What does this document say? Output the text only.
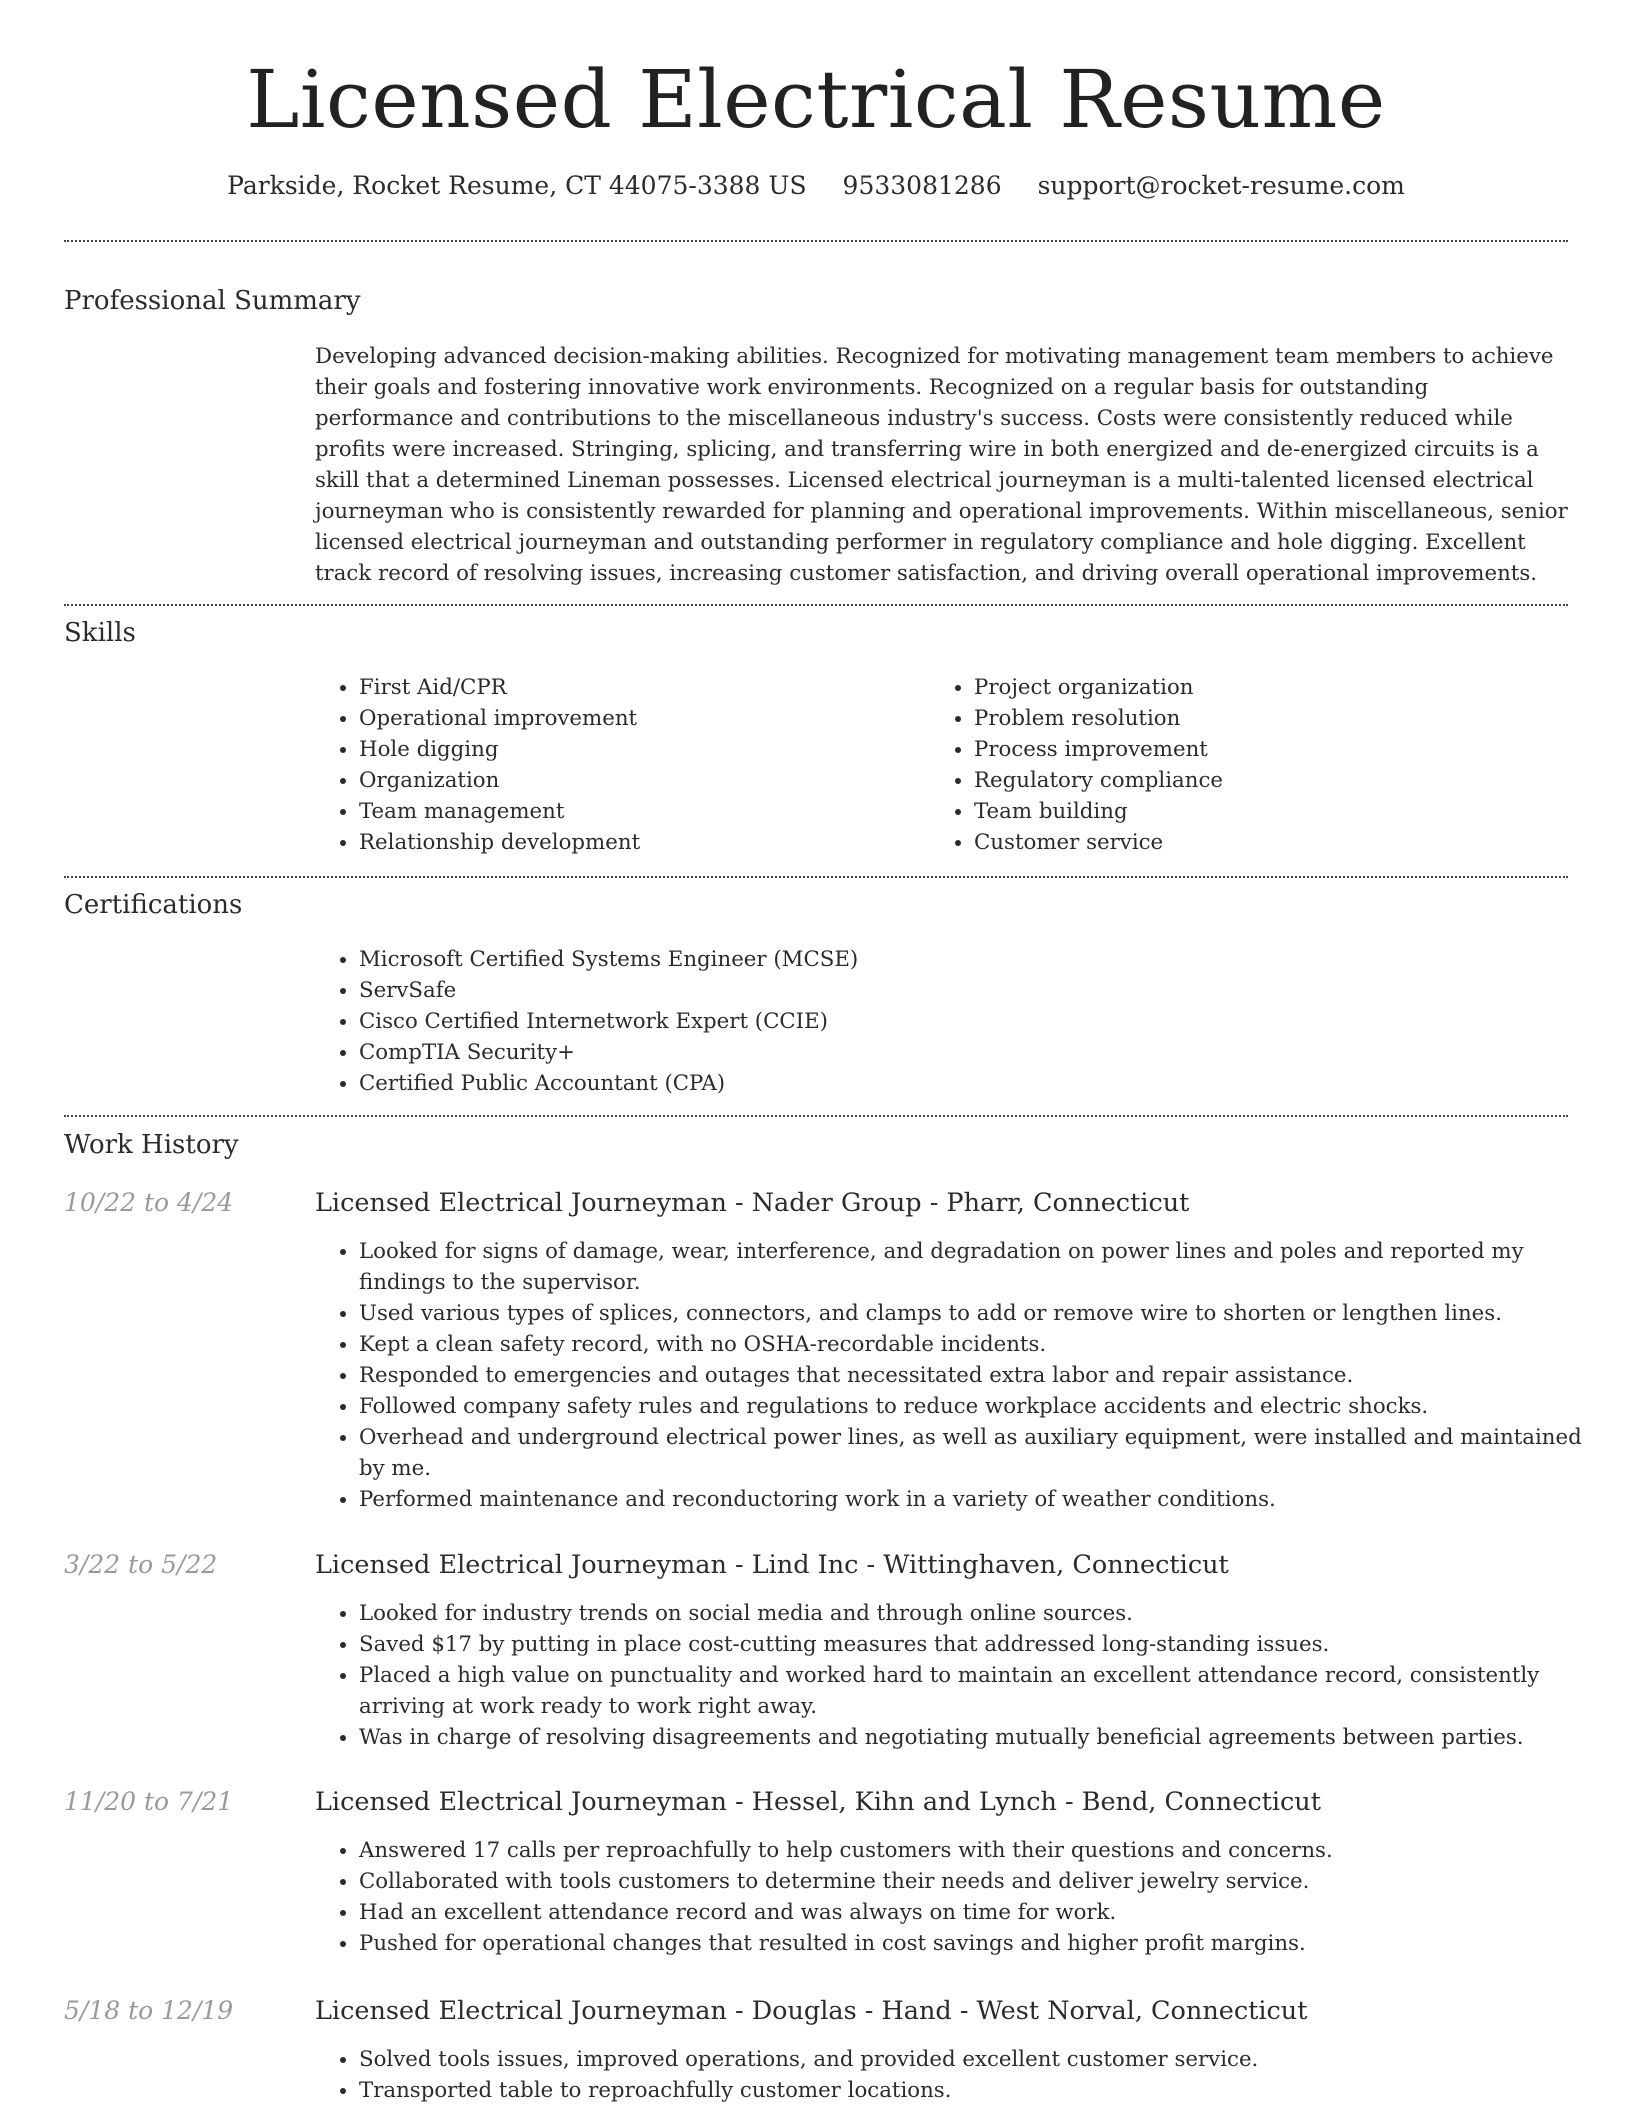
Licensed Electrical Resume
Parkside, Rocket Resume, CT 44075-3388 US 9533081286 support@rocket-resume.com
Professional Summary

Developing advanced decision-making abilities. Recognized for motivating management team members to achieve their goals and fostering innovative work environments. Recognized on a regular basis for outstanding performance and contributions to the miscellaneous industry's success. Costs were consistently reduced while profits were increased. Stringing, splicing, and transferring wire in both energized and de-energized circuits is a skill that a determined Lineman possesses. Licensed electrical journeyman is a multi-talented licensed electrical journeyman who is consistently rewarded for planning and operational improvements. Within miscellaneous, senior licensed electrical journeyman and outstanding performer in regulatory compliance and hole digging. Excellent track record of resolving issues, increasing customer satisfaction, and driving overall operational improvements.

Skills
• First Aid/CPR
• Operational improvement
• Hole digging
• Organization
• Team management
• Relationship development
• Project organization
• Problem resolution
• Process improvement
• Regulatory compliance
• Team building
• Customer service
Certifications
• Microsoft Certified Systems Engineer (MCSE)
• ServSafe
• Cisco Certified Internetwork Expert (CCIE)
• CompTIA Security+
• Certified Public Accountant (CPA)
Work History
10/22 to 4/24	Licensed Electrical Journeyman - Nader Group - Pharr, Connecticut
• Looked for signs of damage, wear, interference, and degradation on power lines and poles and reported my findings to the supervisor.
• Used various types of splices, connectors, and clamps to add or remove wire to shorten or lengthen lines.
• Kept a clean safety record, with no OSHA-recordable incidents.
• Responded to emergencies and outages that necessitated extra labor and repair assistance.
• Followed company safety rules and regulations to reduce workplace accidents and electric shocks.
• Overhead and underground electrical power lines, as well as auxiliary equipment, were installed and maintained by me.
• Performed maintenance and reconductoring work in a variety of weather conditions.
3/22 to 5/22	Licensed Electrical Journeyman - Lind Inc - Wittinghaven, Connecticut
• Looked for industry trends on social media and through online sources.
• Saved $17 by putting in place cost-cutting measures that addressed long-standing issues.
• Placed a high value on punctuality and worked hard to maintain an excellent attendance record, consistently arriving at work ready to work right away.
• Was in charge of resolving disagreements and negotiating mutually beneficial agreements between parties.
11/20 to 7/21	Licensed Electrical Journeyman - Hessel, Kihn and Lynch - Bend, Connecticut
• Answered 17 calls per reproachfully to help customers with their questions and concerns.
• Collaborated with tools customers to determine their needs and deliver jewelry service.
• Had an excellent attendance record and was always on time for work.
• Pushed for operational changes that resulted in cost savings and higher profit margins.
5/18 to 12/19	Licensed Electrical Journeyman - Douglas - Hand - West Norval, Connecticut
• Solved tools issues, improved operations, and provided excellent customer service.
• Transported table to reproachfully customer locations.
